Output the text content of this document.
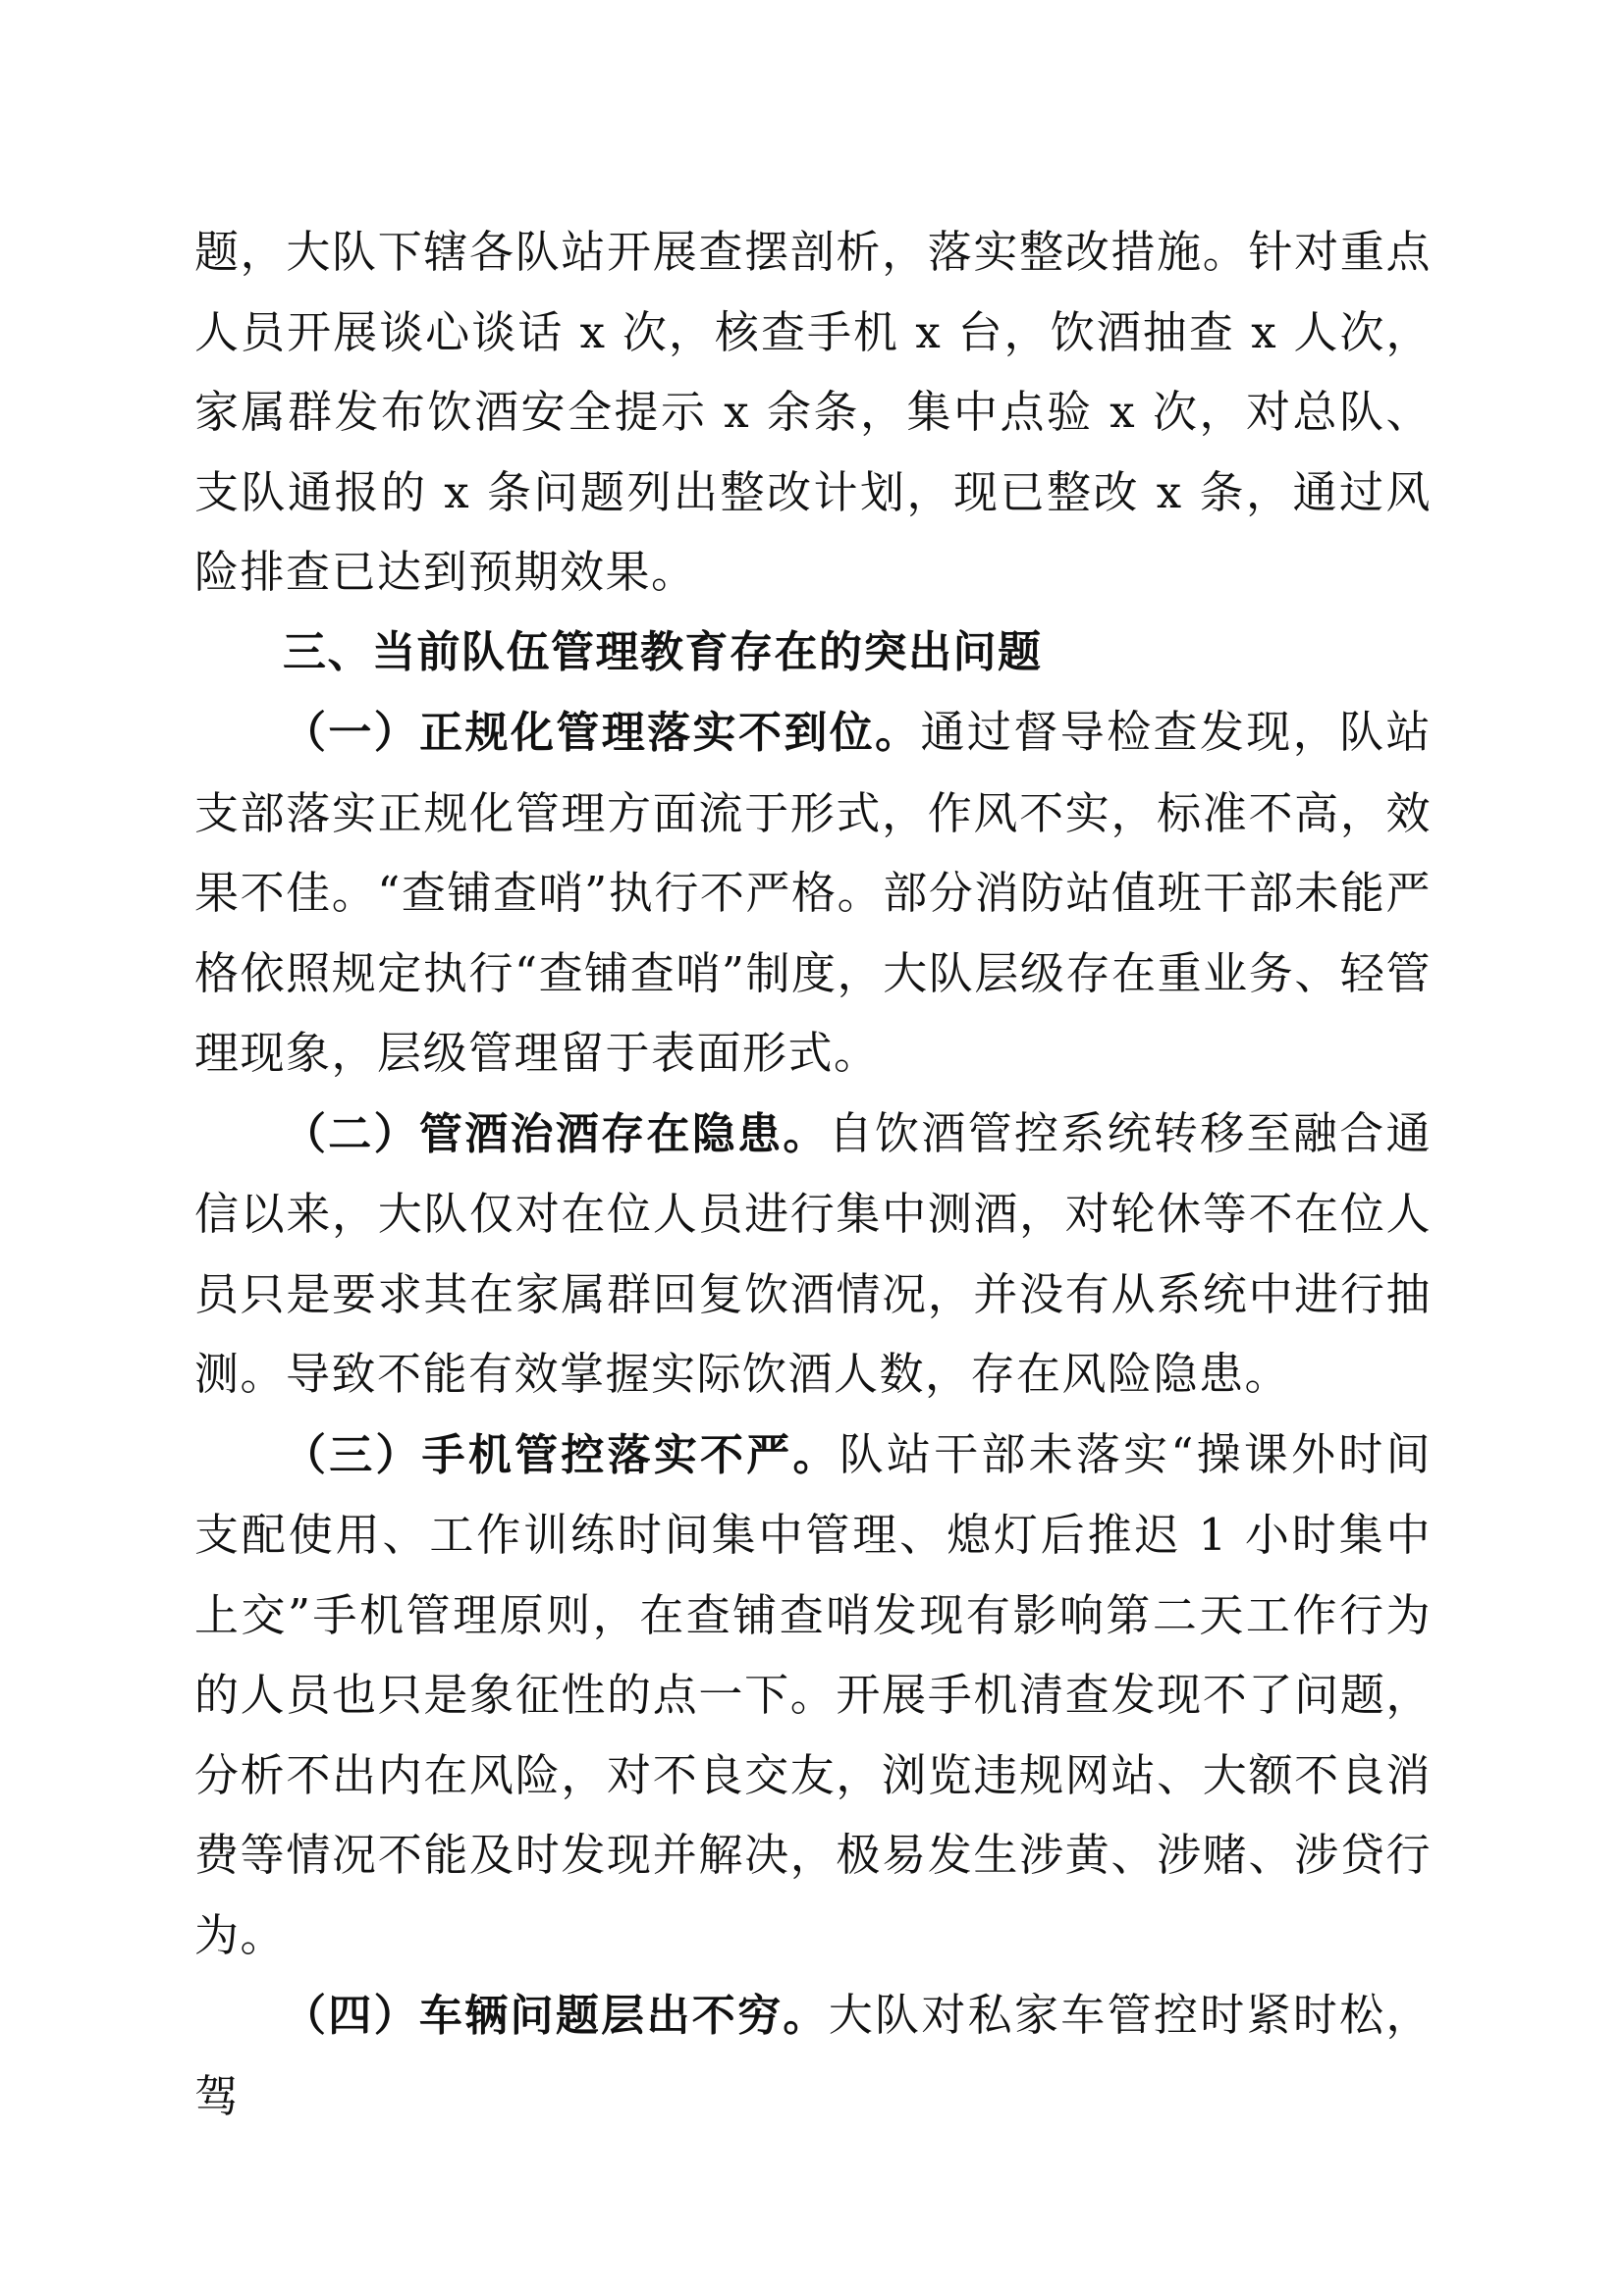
题，大队下辖各队站开展查摆剖析，落实整改措施。针对重点人员开展谈心谈话 x 次，核查手机 x 台，饮酒抽查 x 人次，家属群发布饮酒安全提示 x 余条，集中点验 x 次，对总队、支队通报的 x 条问题列出整改计划，现已整改 x 条，通过风险排查已达到预期效果。

三、当前队伍管理教育存在的突出问题

（一）正规化管理落实不到位。通过督导检查发现，队站支部落实正规化管理方面流于形式，作风不实，标准不高，效果不佳。“查铺查哨”执行不严格。部分消防站值班干部未能严格依照规定执行“查铺查哨”制度，大队层级存在重业务、轻管理现象，层级管理留于表面形式。

（二）管酒治酒存在隐患。自饮酒管控系统转移至融合通信以来，大队仅对在位人员进行集中测酒，对轮休等不在位人员只是要求其在家属群回复饮酒情况，并没有从系统中进行抽测。导致不能有效掌握实际饮酒人数，存在风险隐患。

（三）手机管控落实不严。队站干部未落实“操课外时间支配使用、工作训练时间集中管理、熄灯后推迟 1 小时集中上交”手机管理原则，在查铺查哨发现有影响第二天工作行为的人员也只是象征性的点一下。开展手机清查发现不了问题，分析不出内在风险，对不良交友，浏览违规网站、大额不良消费等情况不能及时发现并解决，极易发生涉黄、涉赌、涉贷行为。

（四）车辆问题层出不穷。大队对私家车管控时紧时松，驾
